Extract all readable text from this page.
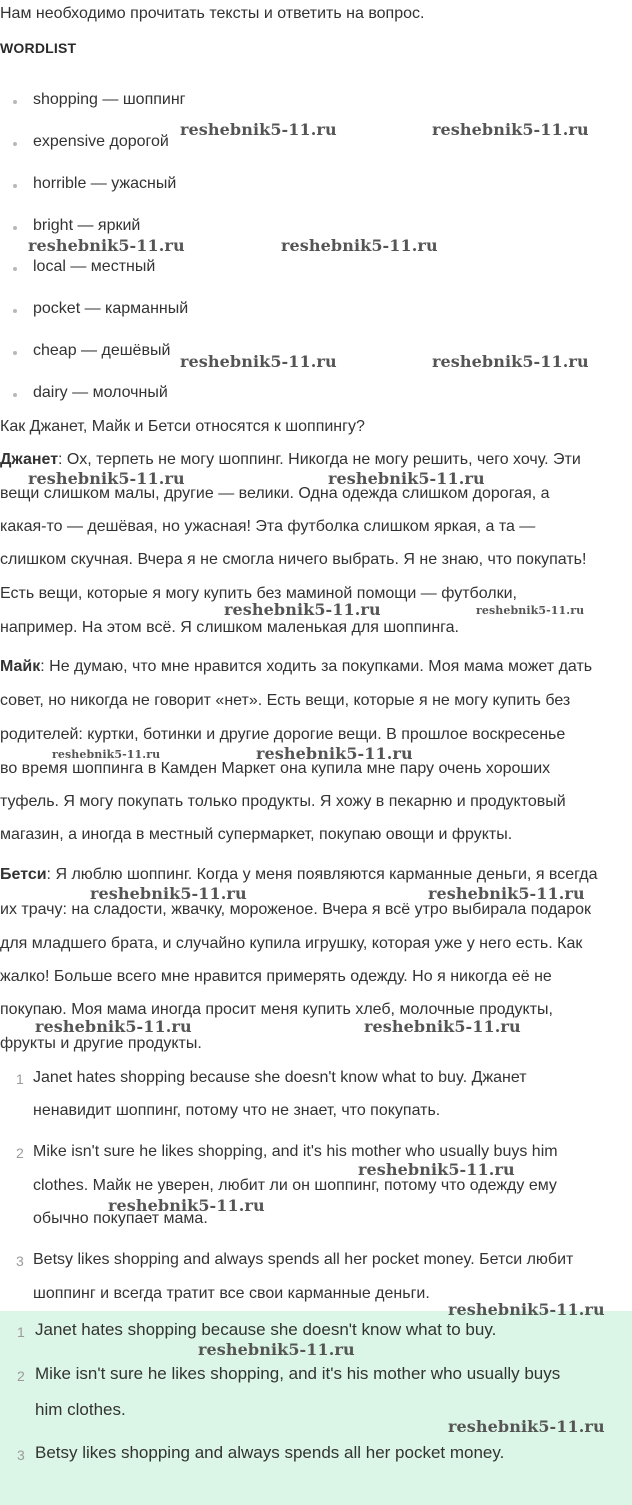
Нам необходимо прочитать тексты и ответить на вопрос.
WORDLIST
shopping — шоппинг
expensive дорогой
horrible — ужасный
bright — яркий
local — местный
pocket — карманный
cheap — дешёвый
dairy — молочный
Как Джанет, Майк и Бетси относятся к шоппингу?
Джанет: Ох, терпеть не могу шоппинг. Никогда не могу решить, чего хочу. Эти
вещи слишком малы, другие — велики. Одна одежда слишком дорогая, а
какая-то — дешёвая, но ужасная! Эта футболка слишком яркая, а та —
слишком скучная. Вчера я не смогла ничего выбрать. Я не знаю, что покупать!
Есть вещи, которые я могу купить без маминой помощи — футболки,
например. На этом всё. Я слишком маленькая для шоппинга.
Майк: Не думаю, что мне нравится ходить за покупками. Моя мама может дать
совет, но никогда не говорит «нет». Есть вещи, которые я не могу купить без
родителей: куртки, ботинки и другие дорогие вещи. В прошлое воскресенье
во время шоппинга в Камден Маркет она купила мне пару очень хороших
туфель. Я могу покупать только продукты. Я хожу в пекарню и продуктовый
магазин, а иногда в местный супермаркет, покупаю овощи и фрукты.
Бетси: Я люблю шоппинг. Когда у меня появляются карманные деньги, я всегда
их трачу: на сладости, жвачку, мороженое. Вчера я всё утро выбирала подарок
для младшего брата, и случайно купила игрушку, которая уже у него есть. Как
жалко! Больше всего мне нравится примерять одежду. Но я никогда её не
покупаю. Моя мама иногда просит меня купить хлеб, молочные продукты,
фрукты и другие продукты.
1 Janet hates shopping because she doesn't know what to buy. Джанет
ненавидит шоппинг, потому что не знает, что покупать.
2 Mike isn't sure he likes shopping, and it's his mother who usually buys him
clothes. Майк не уверен, любит ли он шоппинг, потому что одежду ему
обычно покупает мама.
3 Betsy likes shopping and always spends all her pocket money. Бетси любит
шоппинг и всегда тратит все свои карманные деньги.
1 Janet hates shopping because she doesn't know what to buy.
2 Mike isn't sure he likes shopping, and it's his mother who usually buys
him clothes.
3 Betsy likes shopping and always spends all her pocket money.
reshebnik5-11.ru	reshebnik5-11.ru
reshebnik5-11.ru	reshebnik5-11.ru
reshebnik5-11.ru	reshebnik5-11.ru
reshebnik5-11.ru	reshebnik5-11.ru
reshebnik5-11.ru	reshebnik5-11.ru
reshebnik5-11.ru	reshebnik5-11.ru
reshebnik5-11.ru	reshebnik5-11.ru
reshebnik5-11.ru	reshebnik5-11.ru
reshebnik5-11.ru
reshebnik5-11.ru
reshebnik5-11.ru
reshebnik5-11.ru
reshebnik5-11.ru
